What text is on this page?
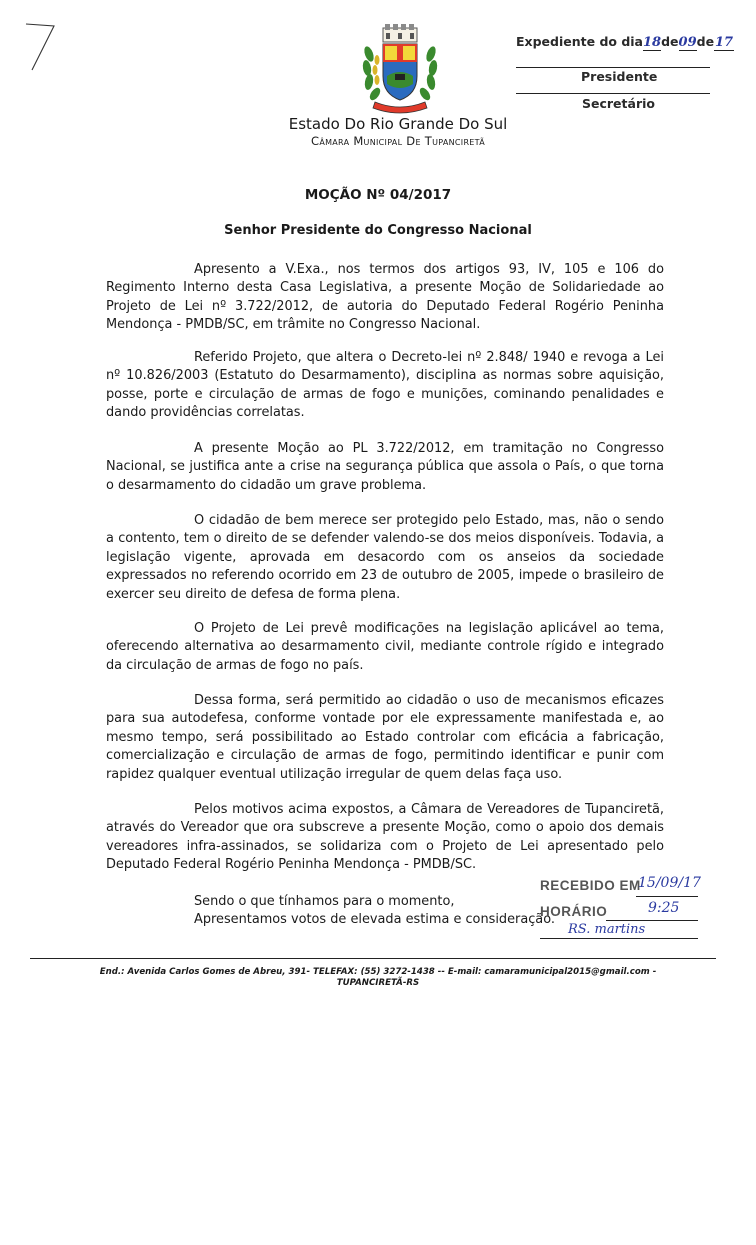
Tupanciretã
Expediente do dia18de09de17
Presidente
Secretário
Estado Do Rio Grande Do Sul
Câmara Municipal De Tupanciretã
MOÇÃO Nº 04/2017
Senhor Presidente do Congresso Nacional

Apresento a V.Exa., nos termos dos artigos 93, IV, 105 e 106 do Regimento Interno desta Casa Legislativa, a presente Moção de Solidariedade ao Projeto de Lei nº 3.722/2012, de autoria do Deputado Federal Rogério Peninha Mendonça - PMDB/SC, em trâmite no Congresso Nacional.

Referido Projeto, que altera o Decreto-lei nº 2.848/ 1940 e revoga a Lei nº 10.826/2003 (Estatuto do Desarmamento), disciplina as normas sobre aquisição, posse, porte e circulação de armas de fogo e munições, cominando penalidades e dando providências correlatas.

A presente Moção ao PL 3.722/2012, em tramitação no Congresso Nacional, se justifica ante a crise na segurança pública que assola o País, o que torna o desarmamento do cidadão um grave problema.

O cidadão de bem merece ser protegido pelo Estado, mas, não o sendo a contento, tem o direito de se defender valendo-se dos meios disponíveis. Todavia, a legislação vigente, aprovada em desacordo com os anseios da sociedade expressados no referendo ocorrido em 23 de outubro de 2005, impede o brasileiro de exercer seu direito de defesa de forma plena.

O Projeto de Lei prevê modificações na legislação aplicável ao tema, oferecendo alternativa ao desarmamento civil, mediante controle rígido e integrado da circulação de armas de fogo no país.

Dessa forma, será permitido ao cidadão o uso de mecanismos eficazes para sua autodefesa, conforme vontade por ele expressamente manifestada e, ao mesmo tempo, será possibilitado ao Estado controlar com eficácia a fabricação, comercialização e circulação de armas de fogo, permitindo identificar e punir com rapidez qualquer eventual utilização irregular de quem delas faça uso.

Pelos motivos acima expostos, a Câmara de Vereadores de Tupanciretã, através do Vereador que ora subscreve a presente Moção, como o apoio dos demais vereadores infra-assinados, se solidariza com o Projeto de Lei apresentado pelo Deputado Federal Rogério Peninha Mendonça - PMDB/SC.

Sendo o que tínhamos para o momento,
Apresentamos votos de elevada estima e consideração.
RECEBIDO EM
15/09/17
HORÁRIO	9:25
RS. martins
End.: Avenida Carlos Gomes de Abreu, 391- TELEFAX: (55) 3272-1438 -- E-mail: camaramunicipal2015@gmail.com -
TUPANCIRETÃ-RS
